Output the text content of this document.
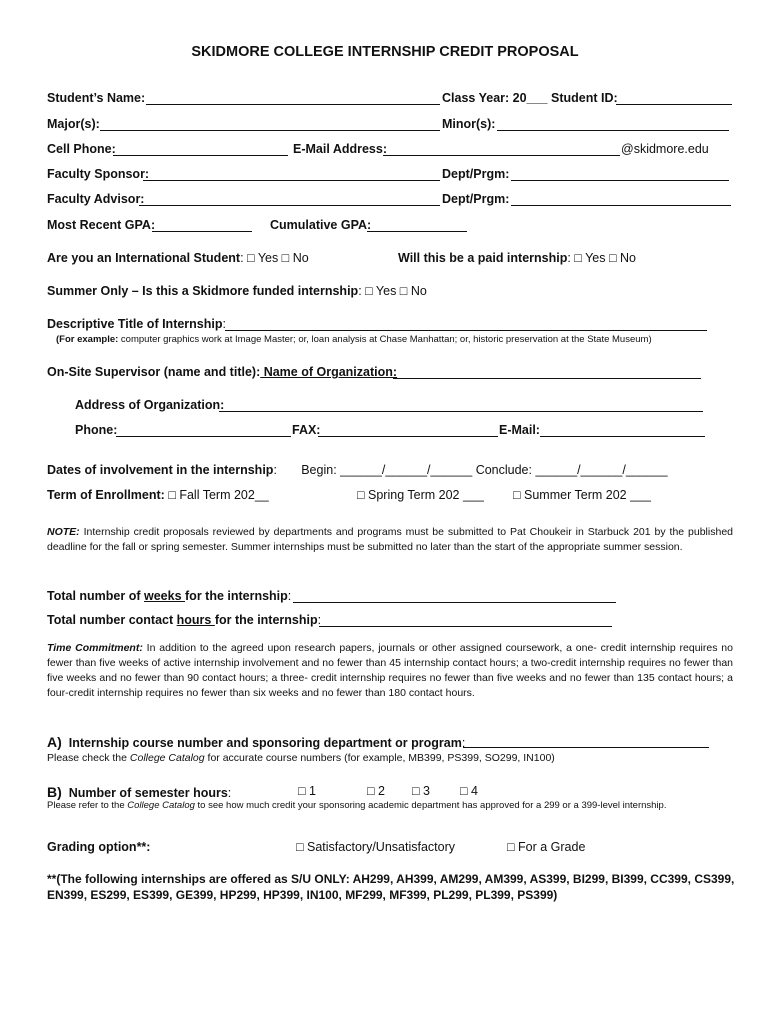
SKIDMORE COLLEGE INTERNSHIP CREDIT PROPOSAL
Student’s Name:	Class Year: 20___ Student ID:
Major(s):	Minor(s):
Cell Phone:	E-Mail Address:	@skidmore.edu
Faculty Sponsor:	Dept/Prgm:
Faculty Advisor:	Dept/Prgm:
Most Recent GPA:	Cumulative GPA:
Are you an International Student: □ Yes □ No	Will this be a paid internship: □ Yes □ No
Summer Only – Is this a Skidmore funded internship: □ Yes □ No
Descriptive Title of Internship:
(For example: computer graphics work at Image Master; or, loan analysis at Chase Manhattan; or, historic preservation at the State Museum)
On-Site Supervisor (name and title): Name of Organization:
Address of Organization:
Phone:	FAX:	E-Mail:
Dates of involvement in the internship:       Begin: ______/______/______ Conclude: ______/______/______
Term of Enrollment: □ Fall Term 202__	□ Spring Term 202 ___ □ Summer Term 202 ___
NOTE: Internship credit proposals reviewed by departments and programs must be submitted to Pat Choukeir in Starbuck 201 by the published deadline for the fall or spring semester. Summer internships must be submitted no later than the start of the appropriate summer session.
Total number of weeks for the internship:
Total number contact hours for the internship:
Time Commitment: In addition to the agreed upon research papers, journals or other assigned coursework, a one- credit internship requires no fewer than five weeks of active internship involvement and no fewer than 45 internship contact hours; a two-credit internship requires no fewer than five weeks and no fewer than 90 contact hours; a three- credit internship requires no fewer than five weeks and no fewer than 135 contact hours; a four-credit internship requires no fewer than six weeks and no fewer than 180 contact hours.
A)  Internship course number and sponsoring department or program:
Please check the College Catalog for accurate course numbers (for example, MB399, PS399, SO299, IN100)
B)  Number of semester hours:	□ 1	□ 2 □ 3 □ 4
Please refer to the College Catalog to see how much credit your sponsoring academic department has approved for a 299 or a 399-level internship.
Grading option**:	□ Satisfactory/Unsatisfactory	□ For a Grade
**(The following internships are offered as S/U ONLY: AH299, AH399, AM299, AM399, AS399, BI299, BI399, CC399, CS399, EN399, ES299, ES399, GE399, HP299, HP399, IN100, MF299, MF399, PL299, PL399, PS399)
